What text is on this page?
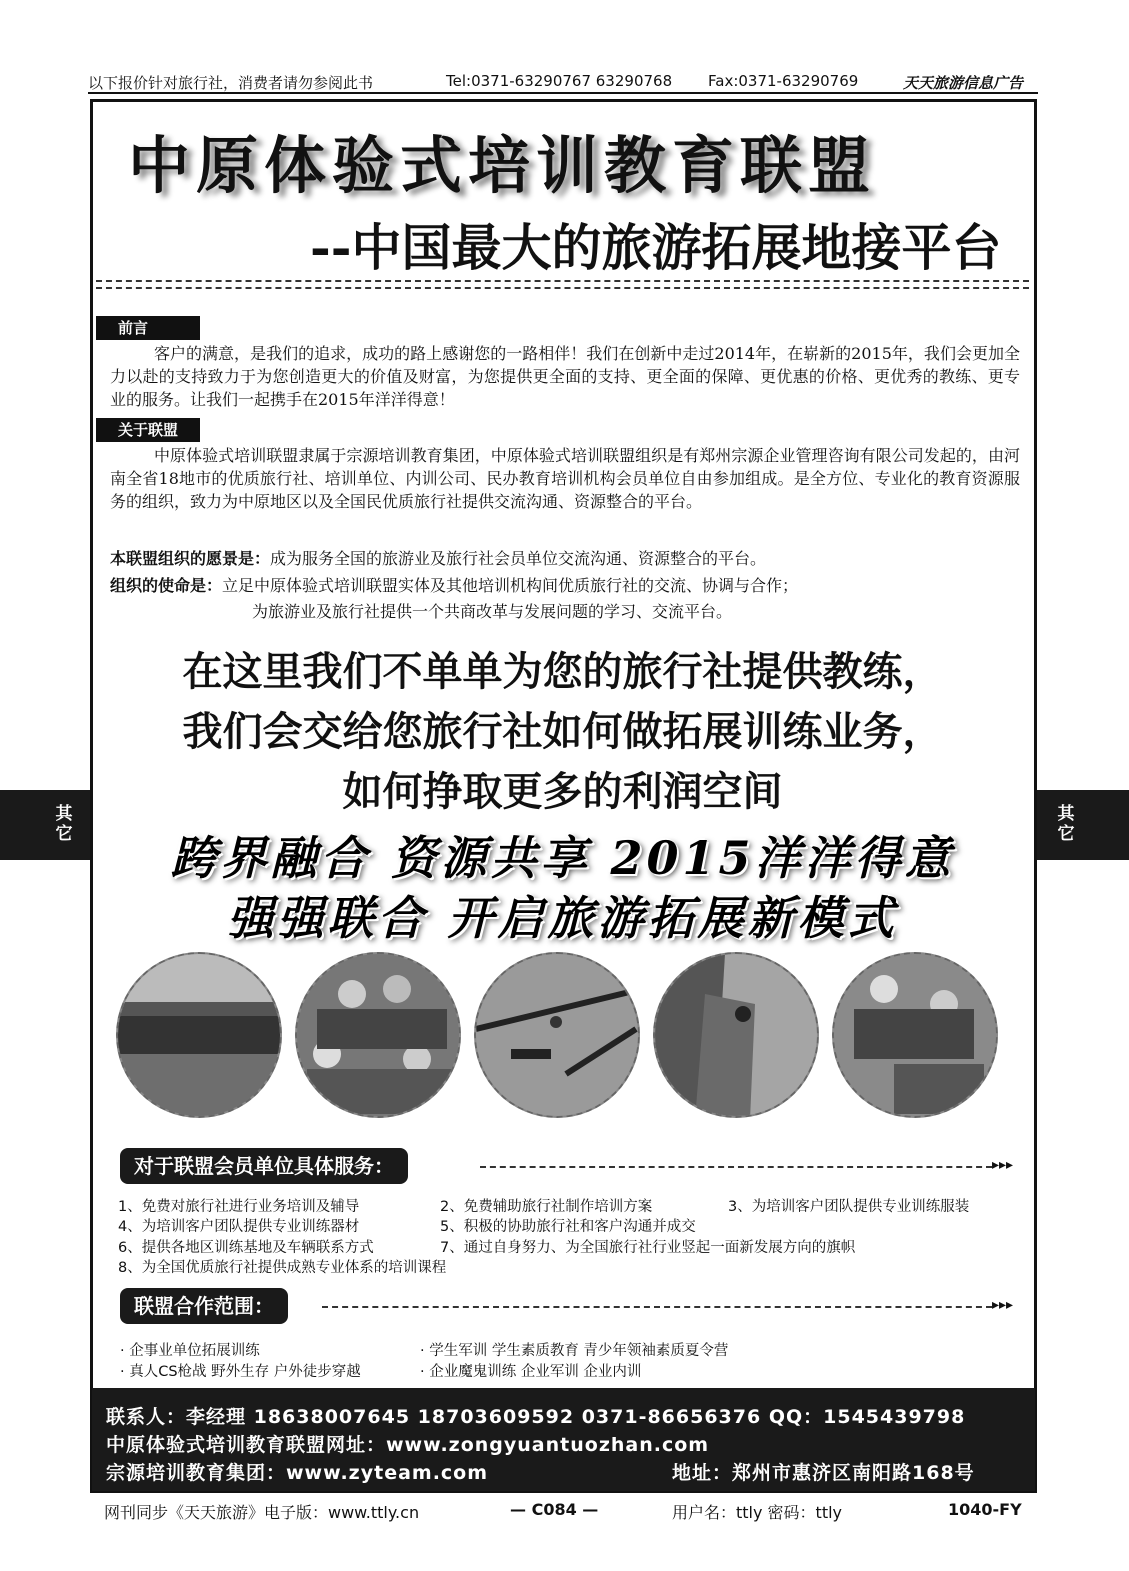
以下报价针对旅行社，消费者请勿参阅此书	Tel:0371-63290767 63290768 Fax:0371-63290769	天天旅游信息广告
其它
其它
中原体验式培训教育联盟
--中国最大的旅游拓展地接平台
前言

客户的满意，是我们的追求，成功的路上感谢您的一路相伴！我们在创新中走过2014年，在崭新的2015年，我们会更加全力以赴的支持致力于为您创造更大的价值及财富，为您提供更全面的支持、更全面的保障、更优惠的价格、更优秀的教练、更专业的服务。让我们一起携手在2015年洋洋得意！

关于联盟

中原体验式培训联盟隶属于宗源培训教育集团，中原体验式培训联盟组织是有郑州宗源企业管理咨询有限公司发起的，由河南全省18地市的优质旅行社、培训单位、内训公司、民办教育培训机构会员单位自由参加组成。是全方位、专业化的教育资源服务的组织，致力为中原地区以及全国民优质旅行社提供交流沟通、资源整合的平台。

本联盟组织的愿景是：成为服务全国的旅游业及旅行社会员单位交流沟通、资源整合的平台。
组织的使命是：立足中原体验式培训联盟实体及其他培训机构间优质旅行社的交流、协调与合作；
为旅游业及旅行社提供一个共商改革与发展问题的学习、交流平台。
在这里我们不单单为您的旅行社提供教练，
我们会交给您旅行社如何做拓展训练业务，
如何挣取更多的利润空间
跨界融合 资源共享 2015洋洋得意
强强联合 开启旅游拓展新模式
对于联盟会员单位具体服务：	▸▸▸
1、免费对旅行社进行业务培训及辅导	2、免费辅助旅行社制作培训方案	3、为培训客户团队提供专业训练服装
4、为培训客户团队提供专业训练器材	5、积极的协助旅行社和客户沟通并成交
6、提供各地区训练基地及车辆联系方式	7、通过自身努力、为全国旅行社行业竖起一面新发展方向的旗帜
8、为全国优质旅行社提供成熟专业体系的培训课程
联盟合作范围：	▸▸▸
· 企事业单位拓展训练	· 学生军训 学生素质教育 青少年领袖素质夏令营
· 真人CS枪战 野外生存 户外徒步穿越	· 企业魔鬼训练 企业军训 企业内训
联系人：李经理 18638007645 18703609592 0371-86656376 QQ：1545439798
中原体验式培训教育联盟网址：www.zongyuantuozhan.com
宗源培训教育集团：www.zyteam.com	地址：郑州市惠济区南阳路168号
网刊同步《天天旅游》电子版：www.ttly.cn	— C084 —	用户名：ttly 密码：ttly	1040-FY
